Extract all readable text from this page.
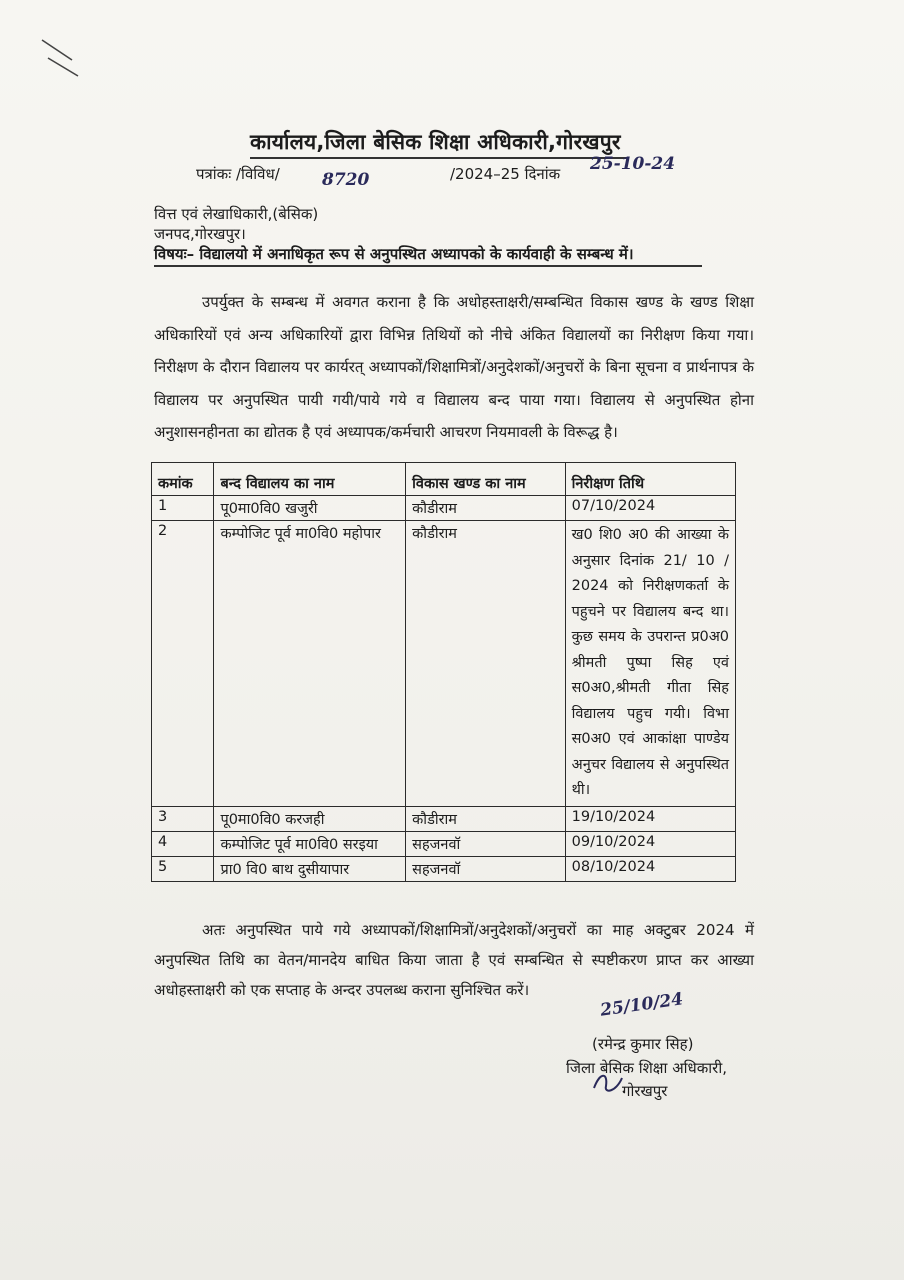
कार्यालय,जिला बेसिक शिक्षा अधिकारी,गोरखपुर
पत्रांकः /विविध/ 8720	/2024–25 दिनांक 25-10-24
वित्त एवं लेखाधिकारी,(बेसिक)
जनपद,गोरखपुर।
विषयः– विद्यालयो में अनाधिकृत रूप से अनुपस्थित अध्यापको के कार्यवाही के सम्बन्ध में।
उपर्युक्त के सम्बन्ध में अवगत कराना है कि अधोहस्ताक्षरी/सम्बन्धित विकास खण्ड के खण्ड शिक्षा अधिकारियों एवं अन्य अधिकारियों द्वारा विभिन्न तिथियों को नीचे अंकित विद्यालयों का निरीक्षण किया गया। निरीक्षण के दौरान विद्यालय पर कार्यरत् अध्यापकों/शिक्षामित्रों/अनुदेशकों/अनुचरों के बिना सूचना व प्रार्थनापत्र के विद्यालय पर अनुपस्थित पायी गयी/पाये गये व विद्यालय बन्द पाया गया। विद्यालय से अनुपस्थित होना अनुशासनहीनता का द्योतक है एवं अध्यापक/कर्मचारी आचरण नियमावली के विरूद्ध है।
कमांक	बन्द विद्यालय का नाम	विकास खण्ड का नाम	निरीक्षण तिथि
1	पू0मा0वि0 खजुरी	कौडीराम	07/10/2024
2	कम्पोजिट पूर्व मा0वि0 महोपार	कौडीराम	ख0 शि0 अ0 की आख्या के अनुसार दिनांक 21/ 10 / 2024 को निरीक्षणकर्ता के पहुचने पर विद्यालय बन्द था। कुछ समय के उपरान्त प्र0अ0 श्रीमती पुष्पा सिह एवं स0अ0,श्रीमती गीता सिह विद्यालय पहुच गयी। विभा स0अ0 एवं आकांक्षा पाण्डेय अनुचर विद्यालय से अनुपस्थित थी।
3	पू0मा0वि0 करजही	कौडीराम	19/10/2024
4	कम्पोजिट पूर्व मा0वि0 सरइया	सहजनवॉ	09/10/2024
5	प्रा0 वि0 बाथ दुसीयापार	सहजनवॉ	08/10/2024
अतः अनुपस्थित पाये गये अध्यापकों/शिक्षामित्रों/अनुदेशकों/अनुचरों का माह अक्टुबर 2024 में अनुपस्थित तिथि का वेतन/मानदेय बाधित किया जाता है एवं सम्बन्धित से स्पष्टीकरण प्राप्त कर आख्या अधोहस्ताक्षरी को एक सप्ताह के अन्दर उपलब्ध कराना सुनिश्चित करें।	25/10/24
(रमेन्द्र कुमार सिह)
जिला बेसिक शिक्षा अधिकारी,
गोरखपुर
